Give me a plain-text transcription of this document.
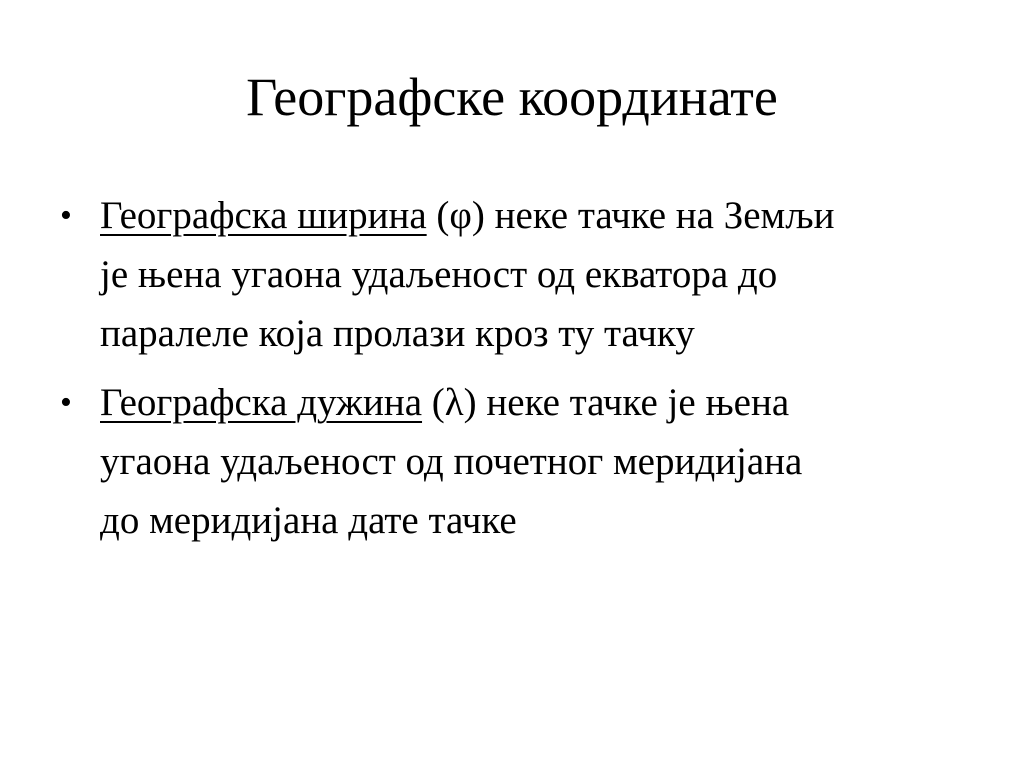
Географске координате
• Географска ширина (φ) неке тачке на Земљи
је њена угаона удаљеност од екватора до
паралеле која пролази кроз ту тачку
• Географска дужина (λ) неке тачке је њена
угаона удаљеност од почетног меридијана
до меридијана дате тачке
